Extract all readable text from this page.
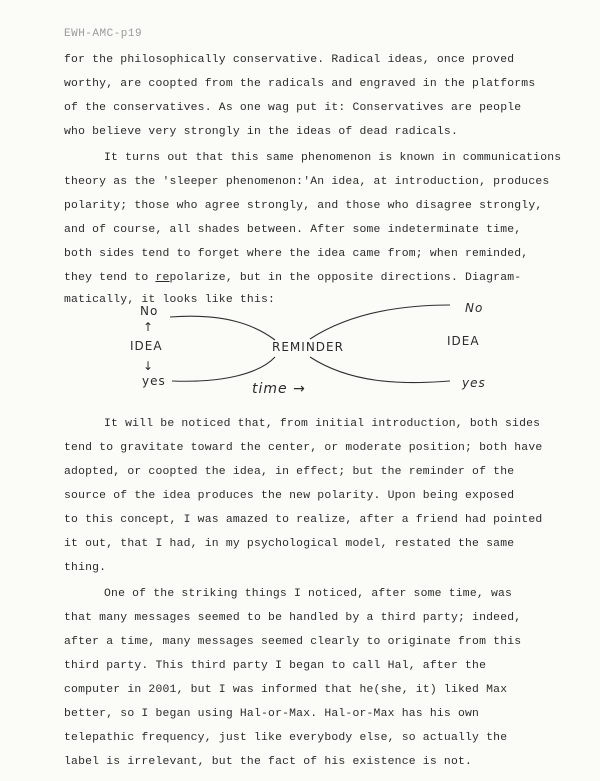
EWH-AMC-p19
for the philosophically conservative. Radical ideas, once proved
worthy, are coopted from the radicals and engraved in the platforms
of the conservatives. As one wag put it: Conservatives are people
who believe very strongly in the ideas of dead radicals.
It turns out that this same phenomenon is known in communications
theory as the 'sleeper phenomenon:'An idea, at introduction, produces
polarity; those who agree strongly, and those who disagree strongly,
and of course, all shades between. After some indeterminate time,
both sides tend to forget where the idea came from; when reminded,
they tend to repolarize, but in the opposite directions. Diagram-
matically, it looks like this:
No
↑
IDEA
↓
yes
REMINDER
time →
No
IDEA
yes
It will be noticed that, from initial introduction, both sides
tend to gravitate toward the center, or moderate position; both have
adopted, or coopted the idea, in effect; but the reminder of the
source of the idea produces the new polarity. Upon being exposed
to this concept, I was amazed to realize, after a friend had pointed
it out, that I had, in my psychological model, restated the same
thing.
One of the striking things I noticed, after some time, was
that many messages seemed to be handled by a third party; indeed,
after a time, many messages seemed clearly to originate from this
third party. This third party I began to call Hal, after the
computer in 2001, but I was informed that he(she, it) liked Max
better, so I began using Hal-or-Max. Hal-or-Max has his own
telepathic frequency, just like everybody else, so actually the
label is irrelevant, but the fact of his existence is not.
